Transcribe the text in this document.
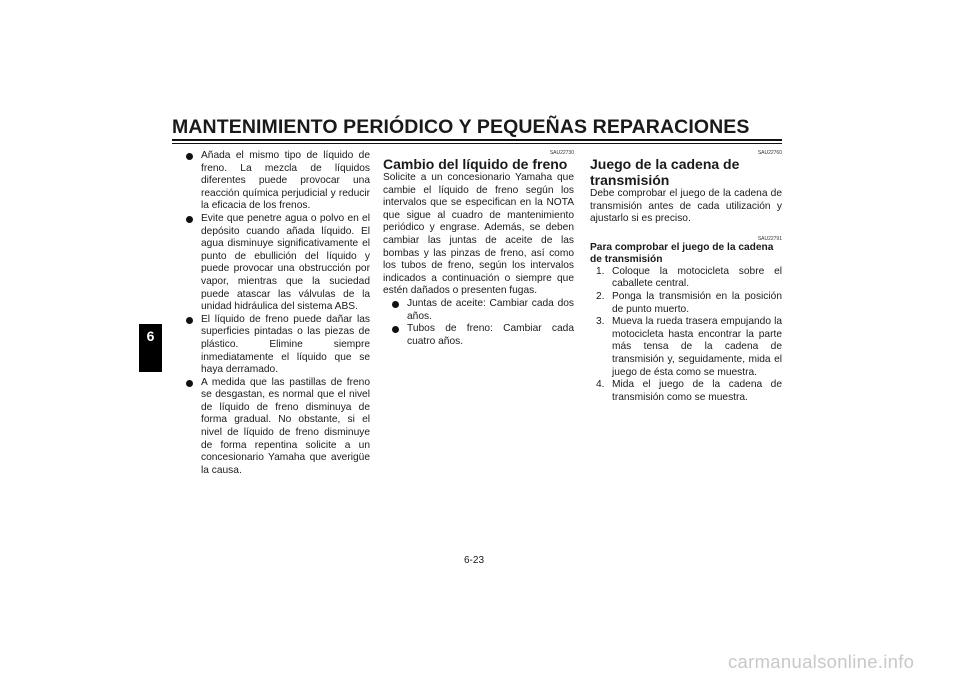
MANTENIMIENTO PERIÓDICO Y PEQUEÑAS REPARACIONES
6
Añada el mismo tipo de líquido de freno. La mezcla de líquidos diferentes puede provocar una reacción química perjudicial y reducir la eficacia de los frenos.
Evite que penetre agua o polvo en el depósito cuando añada líquido. El agua disminuye significativamente el punto de ebullición del líquido y puede provocar una obstrucción por vapor, mientras que la suciedad puede atascar las válvulas de la unidad hidráulica del sistema ABS.
El líquido de freno puede dañar las superficies pintadas o las piezas de plástico. Elimine siempre inmediatamente el líquido que se haya derramado.
A medida que las pastillas de freno se desgastan, es normal que el nivel de líquido de freno disminuya de forma gradual. No obstante, si el nivel de líquido de freno disminuye de forma repentina solicite a un concesionario Yamaha que averigüe la causa.
SAU22730
Cambio del líquido de freno

Solicite a un concesionario Yamaha que cambie el líquido de freno según los intervalos que se especifican en la NOTA que sigue al cuadro de mantenimiento periódico y engrase. Además, se deben cambiar las juntas de aceite de las bombas y las pinzas de freno, así como los tubos de freno, según los intervalos indicados a continuación o siempre que estén dañados o presenten fugas.

Juntas de aceite: Cambiar cada dos años.
Tubos de freno: Cambiar cada cuatro años.
SAU22760
Juego de la cadena de transmisión

Debe comprobar el juego de la cadena de transmisión antes de cada utilización y ajustarlo si es preciso.

SAU22791
Para comprobar el juego de la cadena de transmisión
1. Coloque la motocicleta sobre el caballete central.
2. Ponga la transmisión en la posición de punto muerto.
3. Mueva la rueda trasera empujando la motocicleta hasta encontrar la parte más tensa de la cadena de transmisión y, seguidamente, mida el juego de ésta como se muestra.
4. Mida el juego de la cadena de transmisión como se muestra.
6-23
carmanualsonline.info
